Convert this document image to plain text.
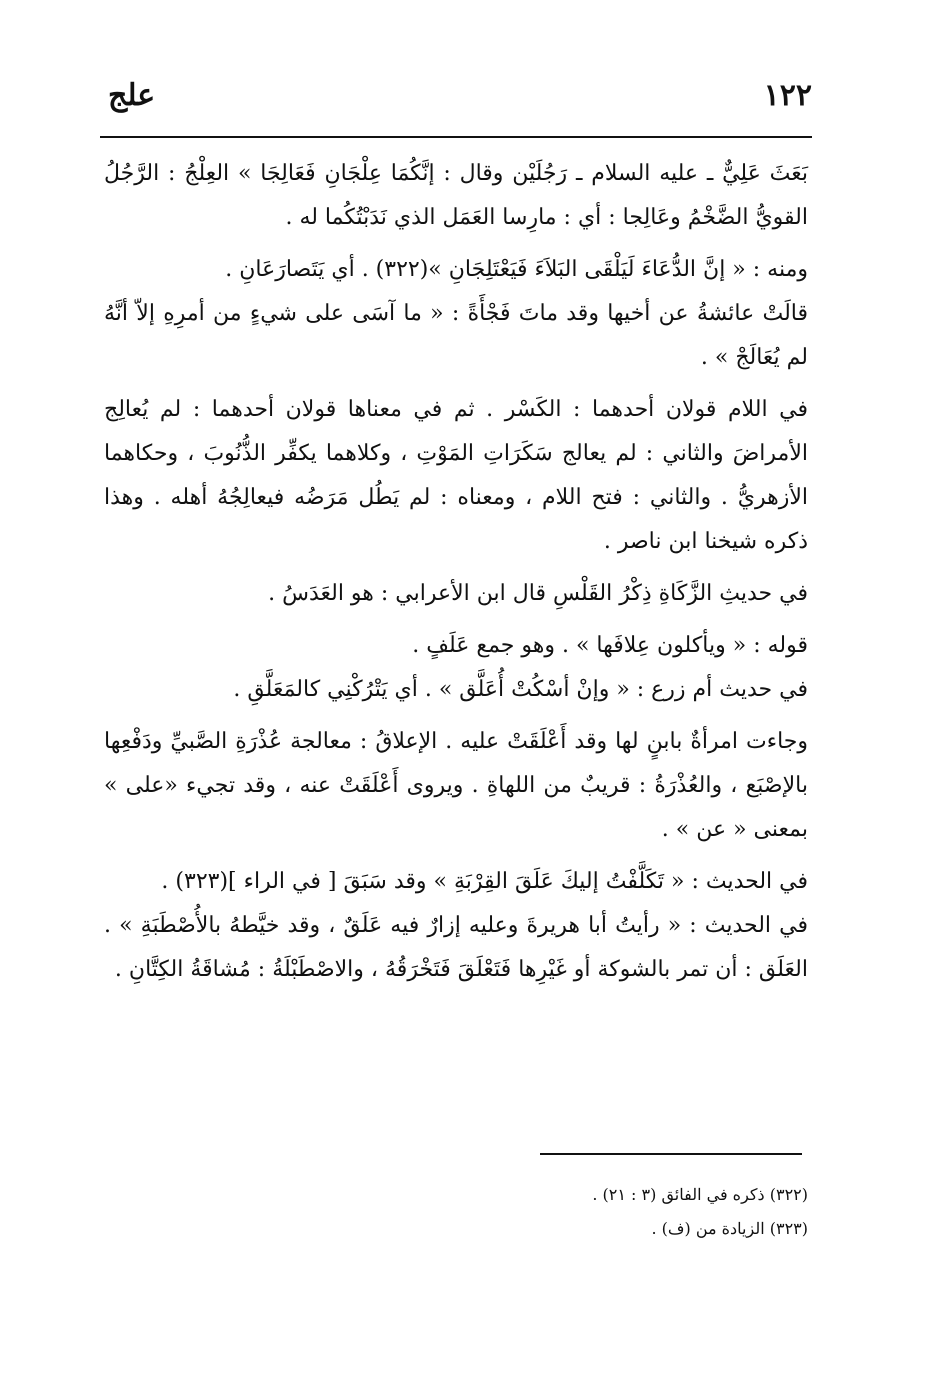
١٢٢
علج

بَعَثَ عَلِيٌّ ـ عليه السلام ـ رَجُلَيْن وقال : إنَّكُمَا عِلْجَانِ فَعَالِجَا » العِلْجُ : الرَّجُلُ القويُّ الضَّخْمُ وعَالِجا : أي : مارِسا العَمَل الذي نَدَبْتُكُما له .

ومنه : « إنَّ الدُّعَاءَ لَيَلْقَى البَلاَءَ فَيَعْتَلِجَانِ »(٣٢٢) . أي يَتَصارَعَانِ .

قالَتْ عائشةُ عن أخيها وقد ماتَ فَجْأَةً : « ما آسَى على شيءٍ من أمرِهِ إلاّ أنَّهُ لم يُعَالَجْ » .

في اللام قولان أحدهما : الكَسْر . ثم في معناها قولان أحدهما : لم يُعالِج الأمراضَ والثاني : لم يعالج سَكَرَاتِ المَوْتِ ، وكلاهما يكفِّر الذُّنُوبَ ، وحكاهما الأزهريُّ . والثاني : فتح اللام ، ومعناه : لم يَطُل مَرَضُه فيعالِجُهُ أهله . وهذا ذكره شيخنا ابن ناصر .

في حديثِ الزَّكَاةِ ذِكْرُ القَلْسِ قال ابن الأعرابي : هو العَدَسُ .

قوله : « ويأكلون عِلافَها » . وهو جمع عَلَفٍ .

في حديث أم زرع : « وإنْ أسْكُتْ أُعَلَّق » . أي يَتْرُكْنِي كالمَعَلَّقِ .

وجاءت امرأةٌ بابنٍ لها وقد أَعْلَقَتْ عليه . الإعلاقُ : معالجة عُذْرَةِ الصَّبيِّ ودَفْعِها بالإصْبَع ، والعُذْرَةُ : قريبٌ من اللهاةِ . ويروى أَعْلَقَتْ عنه ، وقد تجيء «على » بمعنى « عن » .

في الحديث : « تَكَلَّفْتُ إليكَ عَلَقَ القِرْبَةِ » وقد سَبَقَ [ في الراء ](٣٢٣) .

في الحديث : « رأيتُ أبا هريرةَ وعليه إزارٌ فيه عَلَقٌ ، وقد خيَّطهُ بالأُصْطَبَةِ » . العَلَق : أن تمر بالشوكة أو غَيْرِها فَتَعْلَقَ فَتَخْرَقُهُ ، والاصْطَبْلَةُ : مُشاقَةُ الكِتَّانِ .

(٣٢٢) ذكره في الفائق (٣ : ٢١) .

(٣٢٣) الزيادة من (ف) .
